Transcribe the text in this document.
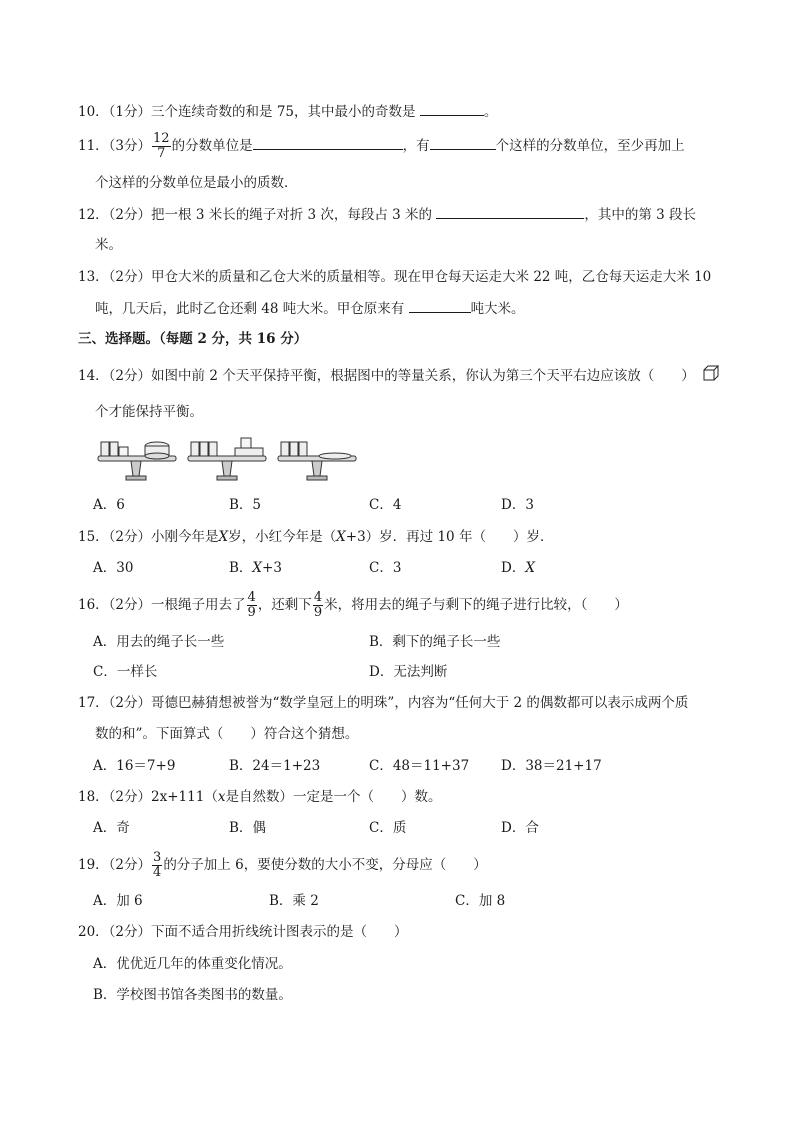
10．（1分）三个连续奇数的和是 75，其中最小的奇数是	。
11．（3分） $\frac{12}{7}$ 的分数单位是	，有	个这样的分数单位，至少再加上
个这样的分数单位是最小的质数．
12．（2分）把一根 3 米长的绳子对折 3 次，每段占 3 米的	，其中的第 3 段长
米。
13．（2分）甲仓大米的质量和乙仓大米的质量相等。现在甲仓每天运走大米 22 吨，乙仓每天运走大米 10
吨，几天后，此时乙仓还剩 48 吨大米。甲仓原来有	吨大米。
三、选择题。（每题 2 分，共 16 分）
14．（2分）如图中前 2 个天平保持平衡，根据图中的等量关系，你认为第三个天平右边应该放（　　）
个才能保持平衡。
A．6	B．5	C．4	D．3
15．（2分）小刚今年是X岁，小红今年是（X+3）岁．再过 10 年（　　）岁．
A．30	B．X+3	C．3	D．X
16．（2分）一根绳子用去了 $\frac{4}{9}$ ，还剩下 $\frac{4}{9}$ 米，将用去的绳子与剩下的绳子进行比较，（　　）
A．用去的绳子长一些	B．剩下的绳子长一些
C．一样长	D．无法判断
17．（2分）哥德巴赫猜想被誉为“数学皇冠上的明珠”，内容为“任何大于 2 的偶数都可以表示成两个质
数的和”。下面算式（　　）符合这个猜想。
A．16＝7+9	B．24＝1+23	C．48＝11+37 D．38＝21+17
18．（2分）2x+111（x是自然数）一定是一个（　　）数。
A．奇	B．偶	C．质	D．合
19．（2分） $\frac{3}{4}$ 的分子加上 6，要使分数的大小不变，分母应（　　）
A．加 6	B．乘 2	C．加 8
20．（2分）下面不适合用折线统计图表示的是（　　）
A．优优近几年的体重变化情况。
B．学校图书馆各类图书的数量。
